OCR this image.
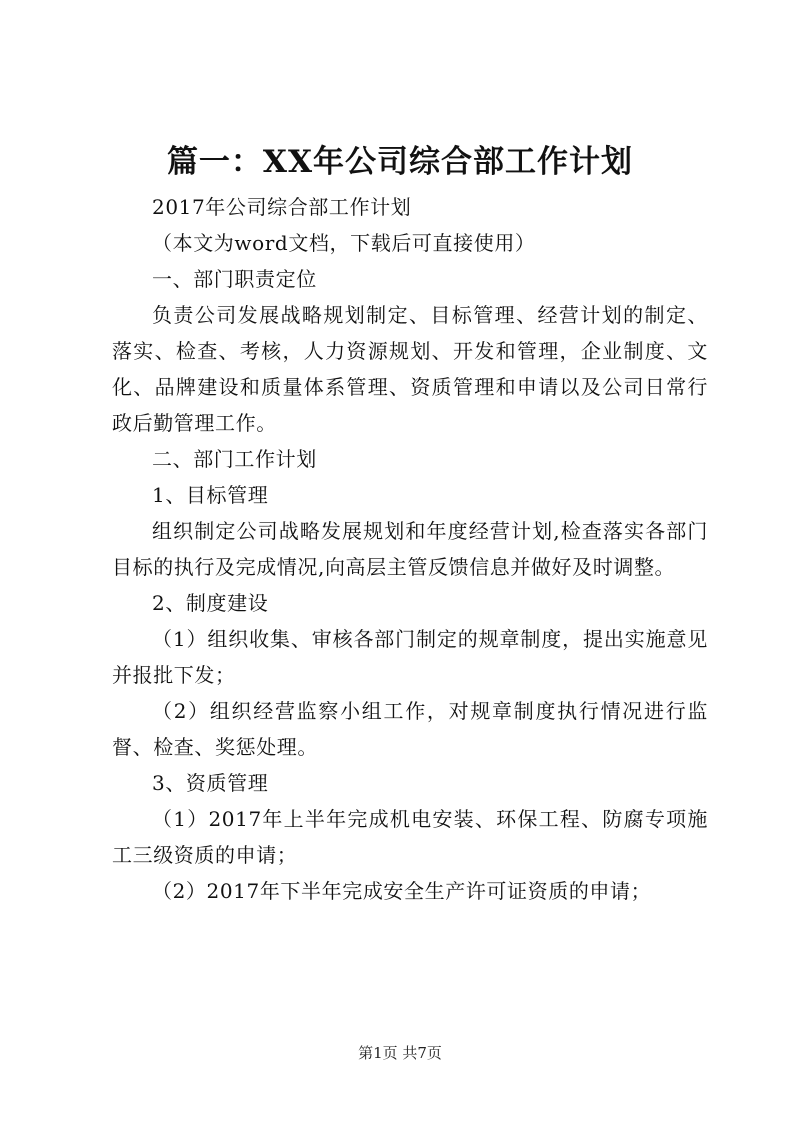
篇一：XX年公司综合部工作计划

2017年公司综合部工作计划

（本文为word文档，下载后可直接使用）

一、部门职责定位

负责公司发展战略规划制定、目标管理、经营计划的制定、落实、检查、考核，人力资源规划、开发和管理，企业制度、文化、品牌建设和质量体系管理、资质管理和申请以及公司日常行政后勤管理工作。

二、部门工作计划

1、目标管理

组织制定公司战略发展规划和年度经营计划,检查落实各部门目标的执行及完成情况,向高层主管反馈信息并做好及时调整。

2、制度建设

（1）组织收集、审核各部门制定的规章制度，提出实施意见并报批下发；

（2）组织经营监察小组工作，对规章制度执行情况进行监督、检查、奖惩处理。

3、资质管理

（1）2017年上半年完成机电安装、环保工程、防腐专项施工三级资质的申请；

（2）2017年下半年完成安全生产许可证资质的申请；

第1页 共7页
